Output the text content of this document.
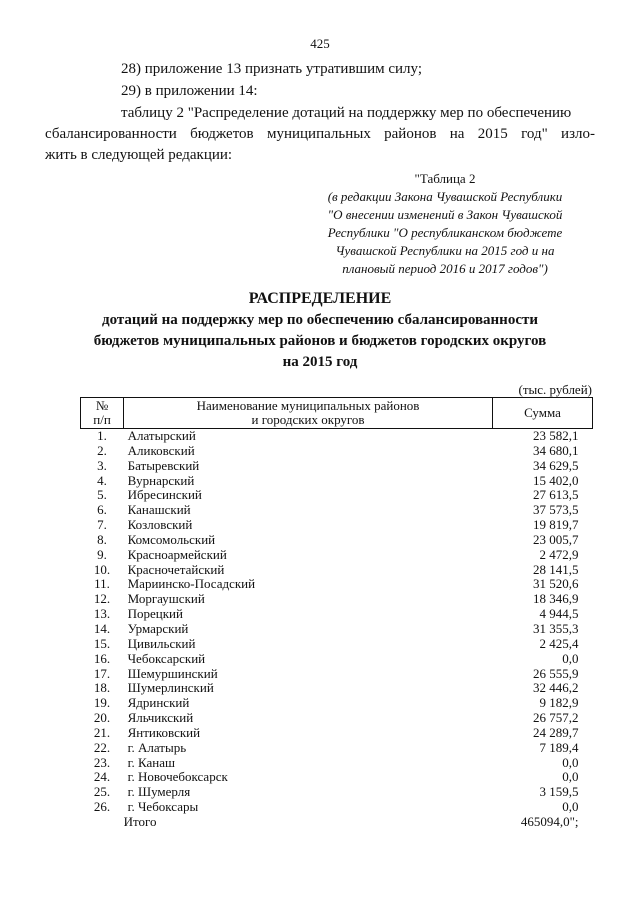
425
28) приложение 13 признать утратившим силу;
29) в приложении 14:
таблицу 2 "Распределение дотаций на поддержку мер по обеспечению
сбалансированности бюджетов муниципальных районов на 2015 год" изло-
жить в следующей редакции:
"Таблица 2
(в редакции Закона Чувашской Республики
"О внесении изменений в Закон Чувашской
Республики "О республиканском бюджете
Чувашской Республики на 2015 год и на
плановый период 2016 и 2017 годов")
РАСПРЕДЕЛЕНИЕ
дотаций на поддержку мер по обеспечению сбалансированности
бюджетов муниципальных районов и бюджетов городских округов
на 2015 год
(тыс. рублей)
№
п/п	Наименование муниципальных районов
и городских округов	Сумма
1.	Алатырский	23 582,1
2.	Аликовский	34 680,1
3.	Батыревский	34 629,5
4.	Вурнарский	15 402,0
5.	Ибресинский	27 613,5
6.	Канашский	37 573,5
7.	Козловский	19 819,7
8.	Комсомольский	23 005,7
9.	Красноармейский	2 472,9
10.	Красночетайский	28 141,5
11.	Мариинско-Посадский	31 520,6
12.	Моргаушский	18 346,9
13.	Порецкий	4 944,5
14.	Урмарский	31 355,3
15.	Цивильский	2 425,4
16.	Чебоксарский	0,0
17.	Шемуршинский	26 555,9
18.	Шумерлинский	32 446,2
19.	Ядринский	9 182,9
20.	Яльчикский	26 757,2
21.	Янтиковский	24 289,7
22.	г. Алатырь	7 189,4
23.	г. Канаш	0,0
24.	г. Новочебоксарск	0,0
25.	г. Шумерля	3 159,5
26.	г. Чебоксары	0,0
	Итого	465094,0";
